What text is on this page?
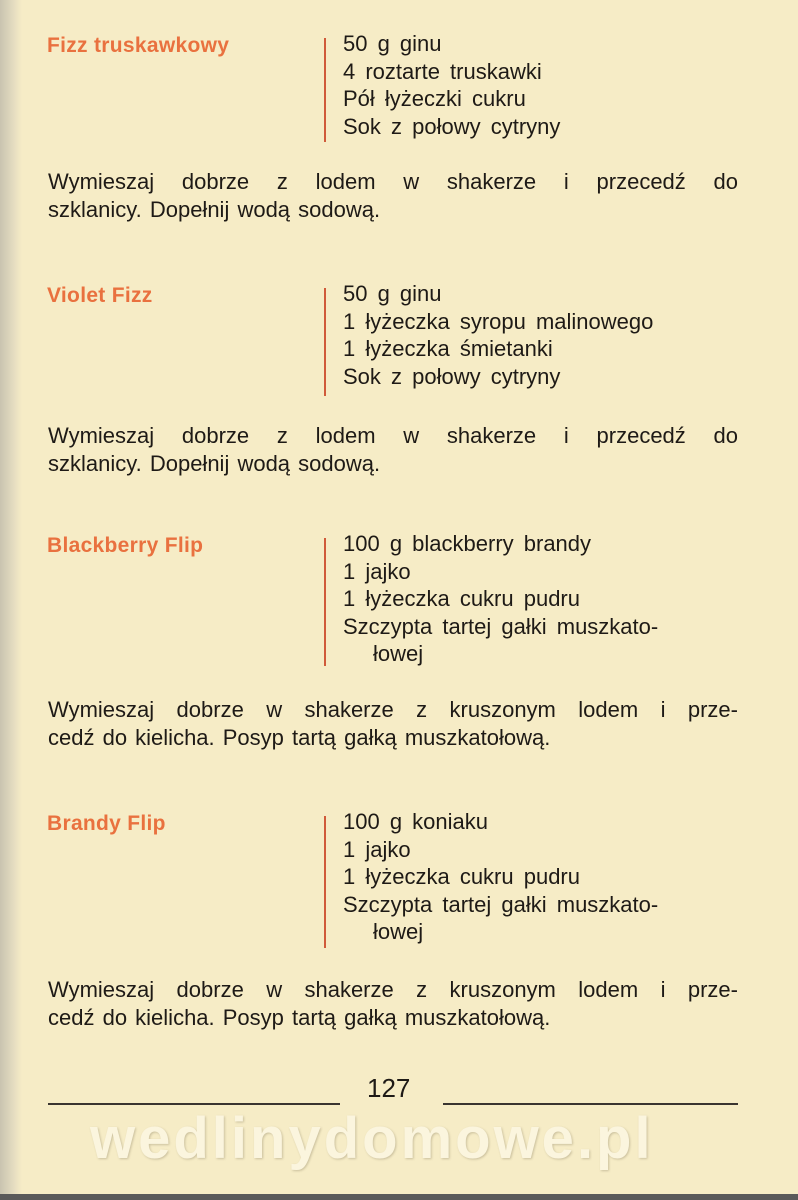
Fizz truskawkowy	50 g ginu
4 roztarte truskawki
Pół łyżeczki cukru
Sok z połowy cytryny
Wymieszaj dobrze z lodem w shakerze i przecedź do
szklanicy. Dopełnij wodą sodową.
Violet Fizz	50 g ginu
1 łyżeczka syropu malinowego
1 łyżeczka śmietanki
Sok z połowy cytryny
Wymieszaj dobrze z lodem w shakerze i przecedź do
szklanicy. Dopełnij wodą sodową.
Blackberry Flip	100 g blackberry brandy
1 jajko
1 łyżeczka cukru pudru
Szczypta tartej gałki muszkato-
łowej
Wymieszaj dobrze w shakerze z kruszonym lodem i prze-
cedź do kielicha. Posyp tartą gałką muszkatołową.
Brandy Flip	100 g koniaku
1 jajko
1 łyżeczka cukru pudru
Szczypta tartej gałki muszkato-
łowej
Wymieszaj dobrze w shakerze z kruszonym lodem i prze-
cedź do kielicha. Posyp tartą gałką muszkatołową.
127
wedlinydomowe.pl
